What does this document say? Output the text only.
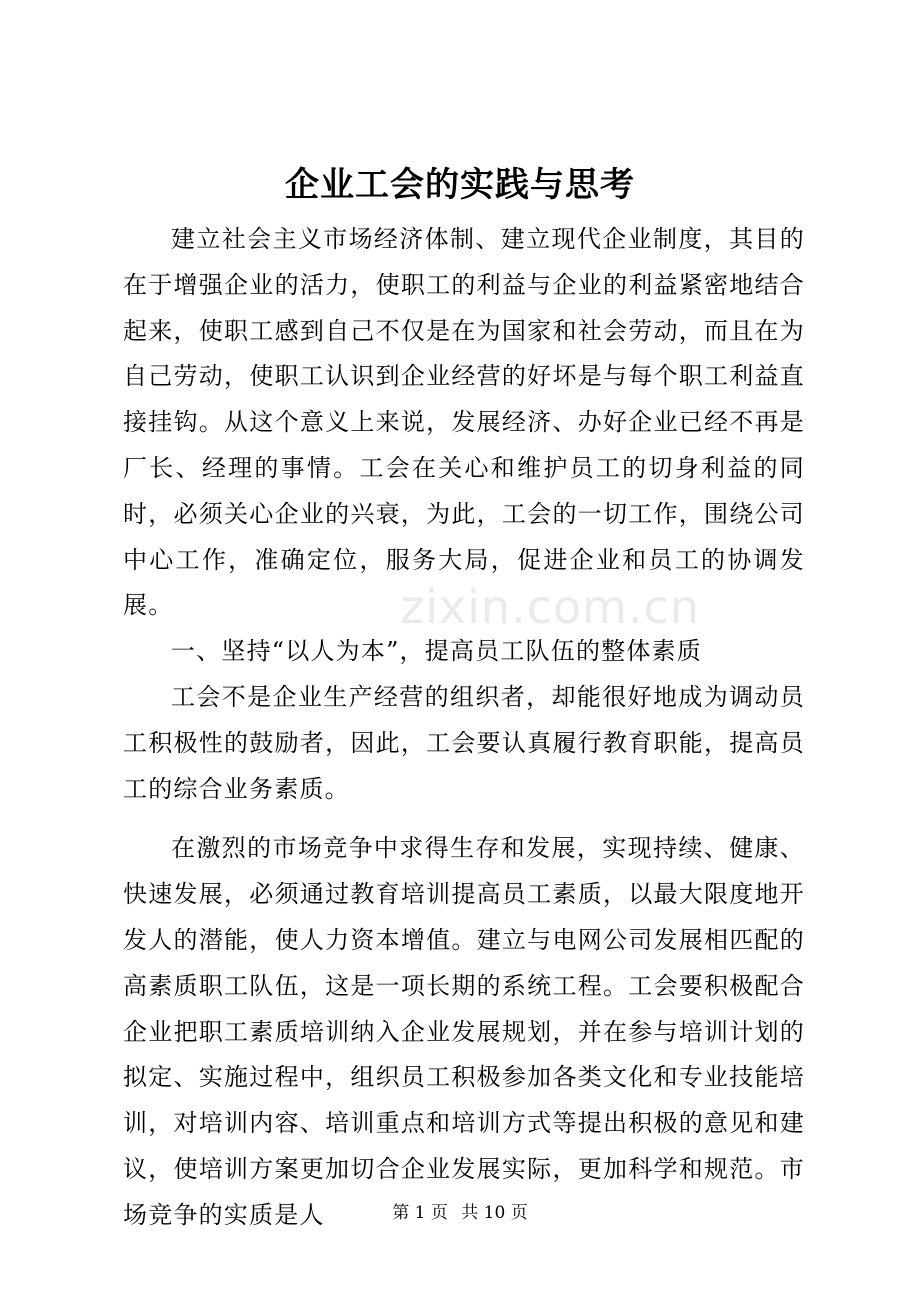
企业工会的实践与思考

建立社会主义市场经济体制、建立现代企业制度，其目的在于增强企业的活力，使职工的利益与企业的利益紧密地结合起来，使职工感到自己不仅是在为国家和社会劳动，而且在为自己劳动，使职工认识到企业经营的好坏是与每个职工利益直接挂钩。从这个意义上来说，发展经济、办好企业已经不再是厂长、经理的事情。工会在关心和维护员工的切身利益的同时，必须关心企业的兴衰，为此，工会的一切工作，围绕公司中心工作，准确定位，服务大局，促进企业和员工的协调发展。

一、坚持“以人为本”，提高员工队伍的整体素质

工会不是企业生产经营的组织者，却能很好地成为调动员工积极性的鼓励者，因此，工会要认真履行教育职能，提高员工的综合业务素质。

在激烈的市场竞争中求得生存和发展，实现持续、健康、快速发展，必须通过教育培训提高员工素质，以最大限度地开发人的潜能，使人力资本增值。建立与电网公司发展相匹配的高素质职工队伍，这是一项长期的系统工程。工会要积极配合企业把职工素质培训纳入企业发展规划，并在参与培训计划的拟定、实施过程中，组织员工积极参加各类文化和专业技能培训，对培训内容、培训重点和培训方式等提出积极的意见和建议，使培训方案更加切合企业发展实际，更加科学和规范。市场竞争的实质是人

zixin.com.cn
第 1 页 共 10 页
